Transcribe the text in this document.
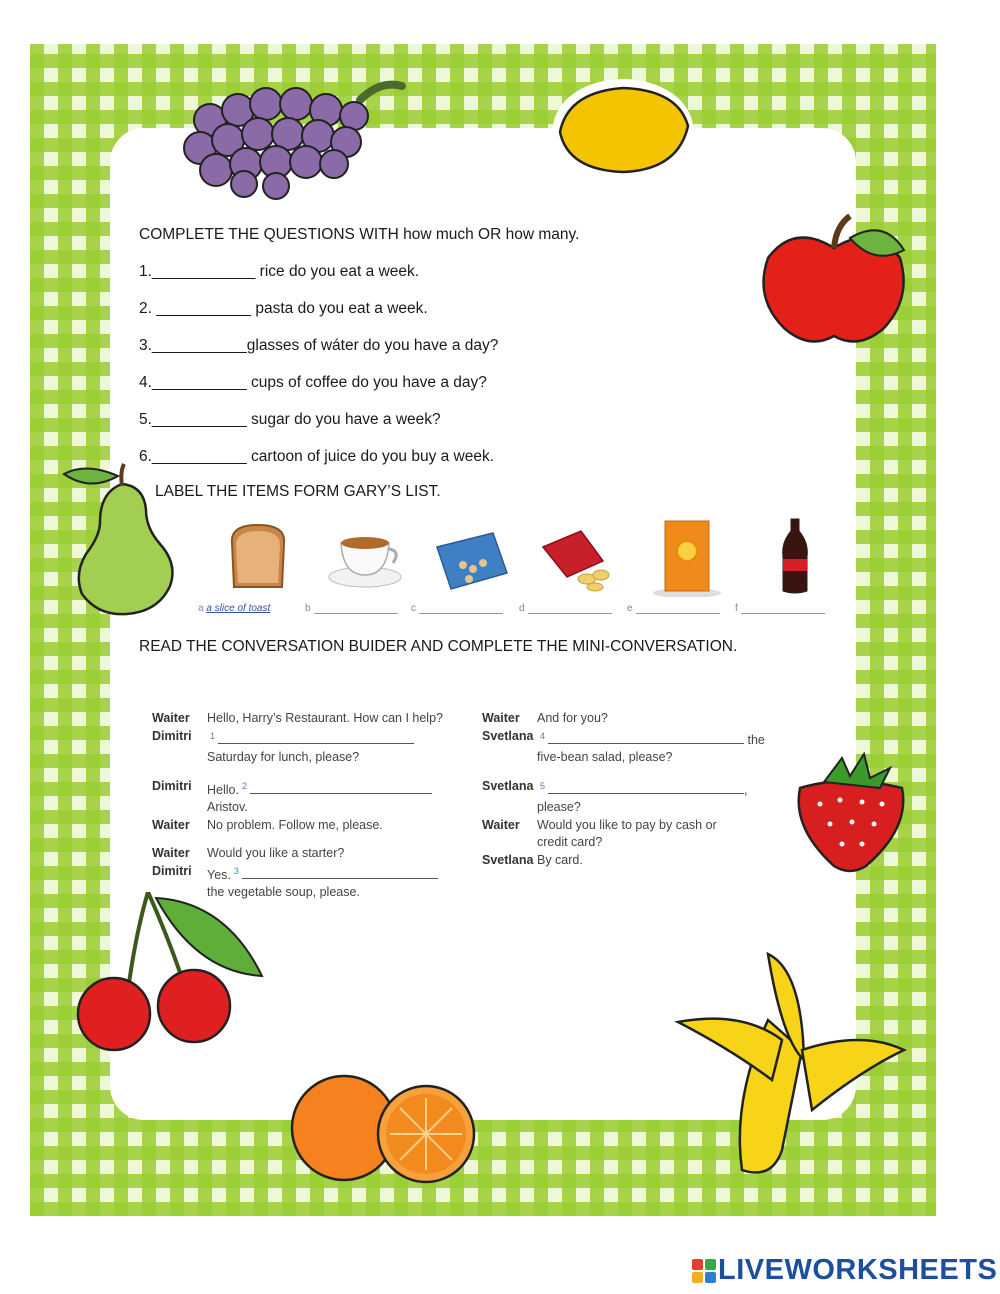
COMPLETE THE QUESTIONS WITH how much OR how many.
1.____________ rice do you eat a week.
2. ___________ pasta do you eat a week.
3.___________glasses of wáter do you have a day?
4.___________ cups of coffee do you have a day?
5.___________ sugar do you have a week?
6.___________ cartoon of juice do you buy a week.
LABEL THE ITEMS FORM GARY’S LIST.
a a slice of toast	b	c	d	e	f
READ THE CONVERSATION BUIDER AND COMPLETE THE MINI-CONVERSATION.
Waiter	Hello, Harry’s Restaurant. How can I help?
Dimitri	$^1$
Saturday for lunch, please?
Dimitri	Hello. $^2$
Aristov.
Waiter	No problem. Follow me, please.
Waiter	Would you like a starter?
Dimitri	Yes. $^3$
the vegetable soup, please.
Waiter	And for you?
Svetlana $^4$	the
five-bean salad, please?
Svetlana $^5$	,
please?
Waiter	Would you like to pay by cash or
credit card?
Svetlana By card.
LIVEWORKSHEETS
